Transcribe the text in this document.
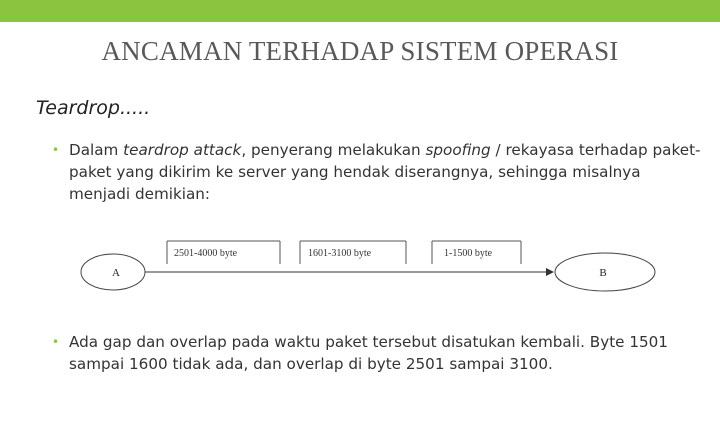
ANCAMAN TERHADAP SISTEM OPERASI
Teardrop.....
• Dalam teardrop attack, penyerang melakukan spoofing / rekayasa terhadap paket-paket yang dikirim ke server yang hendak diserangnya, sehingga misalnya menjadi demikian:
2501-4000 byte	1601-3100 byte	1-1500 byte
A	B
• Ada gap dan overlap pada waktu paket tersebut disatukan kembali. Byte 1501 sampai 1600 tidak ada, dan overlap di byte 2501 sampai 3100.
